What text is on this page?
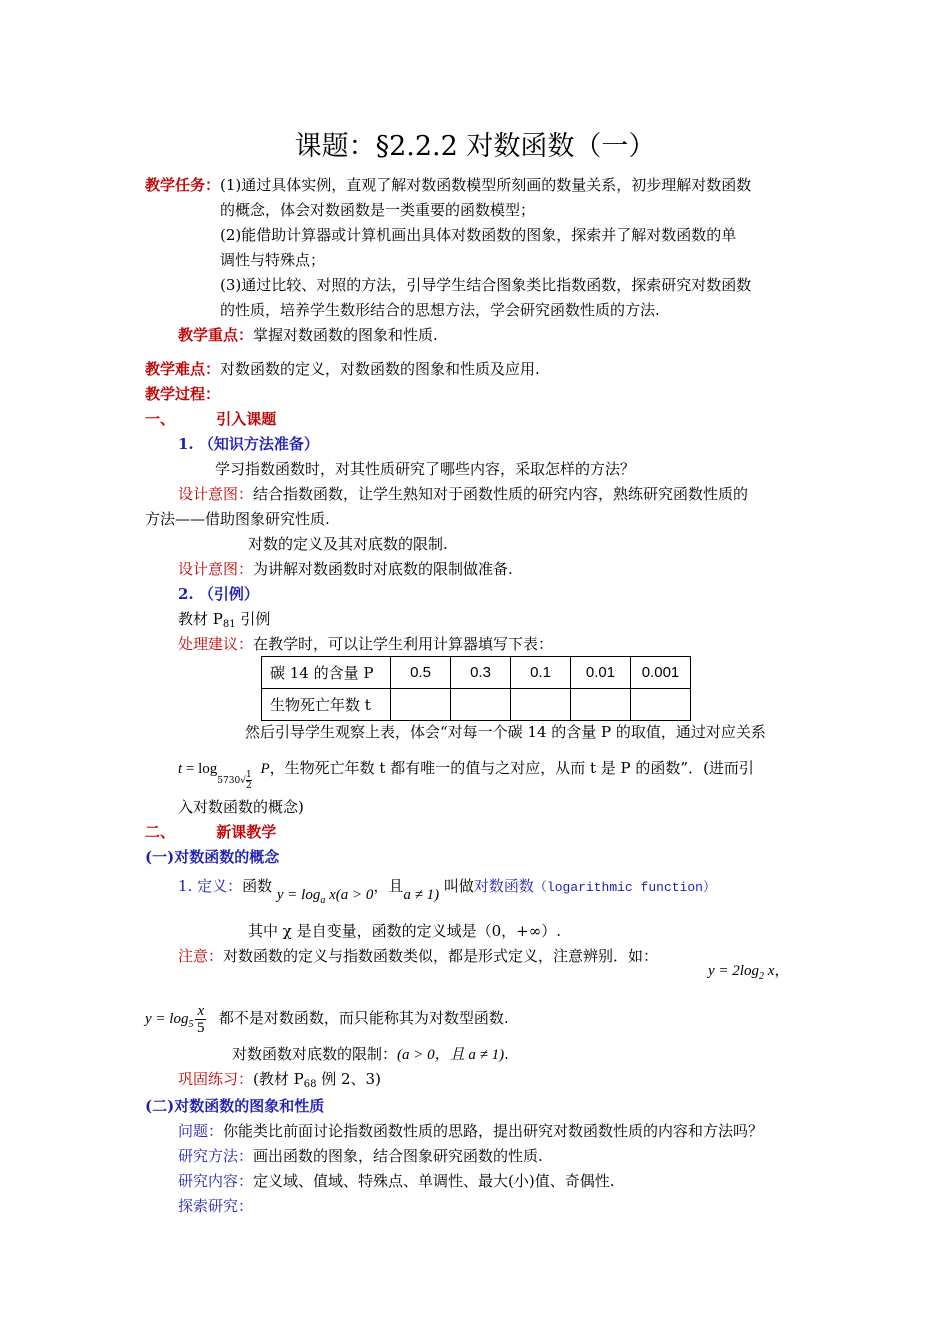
课题：§2.2.2 对数函数（一）
教学任务：(1)通过具体实例，直观了解对数函数模型所刻画的数量关系，初步理解对数函数
的概念，体会对数函数是一类重要的函数模型；
(2)能借助计算器或计算机画出具体对数函数的图象，探索并了解对数函数的单
调性与特殊点；
(3)通过比较、对照的方法，引导学生结合图象类比指数函数，探索研究对数函数
的性质，培养学生数形结合的思想方法，学会研究函数性质的方法.
教学重点：掌握对数函数的图象和性质.
教学难点：对数函数的定义，对数函数的图象和性质及应用.
教学过程：
一、	引入课题
1. （知识方法准备）
学习指数函数时，对其性质研究了哪些内容，采取怎样的方法？
设计意图：结合指数函数，让学生熟知对于函数性质的研究内容，熟练研究函数性质的
方法——借助图象研究性质.
对数的定义及其对底数的限制.
设计意图：为讲解对数函数时对底数的限制做准备.
2. （引例）
教材 $P_{81}$ 引例
处理建议：在教学时，可以让学生利用计算器填写下表：
碳 14 的含量 P	0.5	0.3	0.1	0.01	0.001
生物死亡年数 t					
然后引导学生观察上表，体会“对每一个碳 14 的含量 P 的取值，通过对应关系
$t = \log 5730√ \frac{1}{2}$
P，生物死亡年数 t 都有唯一的值与之对应，从而 t 是 P 的函数”．(进而引
入对数函数的概念)
二、	新课教学
(一)对数函数的概念
1. 定义：函数 $y = \log_a x(a > 0$，且a ≠ 1) 叫做对数函数（logarithmic function）
其中 χ 是自变量，函数的定义域是（0，+∞）.
注意：对数函数的定义与指数函数类似，都是形式定义，注意辨别．如：
$y = 2\log_2$ x，
$y = \log_5 \frac{x}{5}$ 都不是对数函数，而只能称其为对数型函数.
对数函数对底数的限制：(a > 0，且 a ≠ 1).
巩固练习：(教材 $P_{68}$ 例 2、3)
(二)对数函数的图象和性质
问题：你能类比前面讨论指数函数性质的思路，提出研究对数函数性质的内容和方法吗？
研究方法：画出函数的图象，结合图象研究函数的性质.
研究内容：定义域、值域、特殊点、单调性、最大(小)值、奇偶性.
探索研究：
